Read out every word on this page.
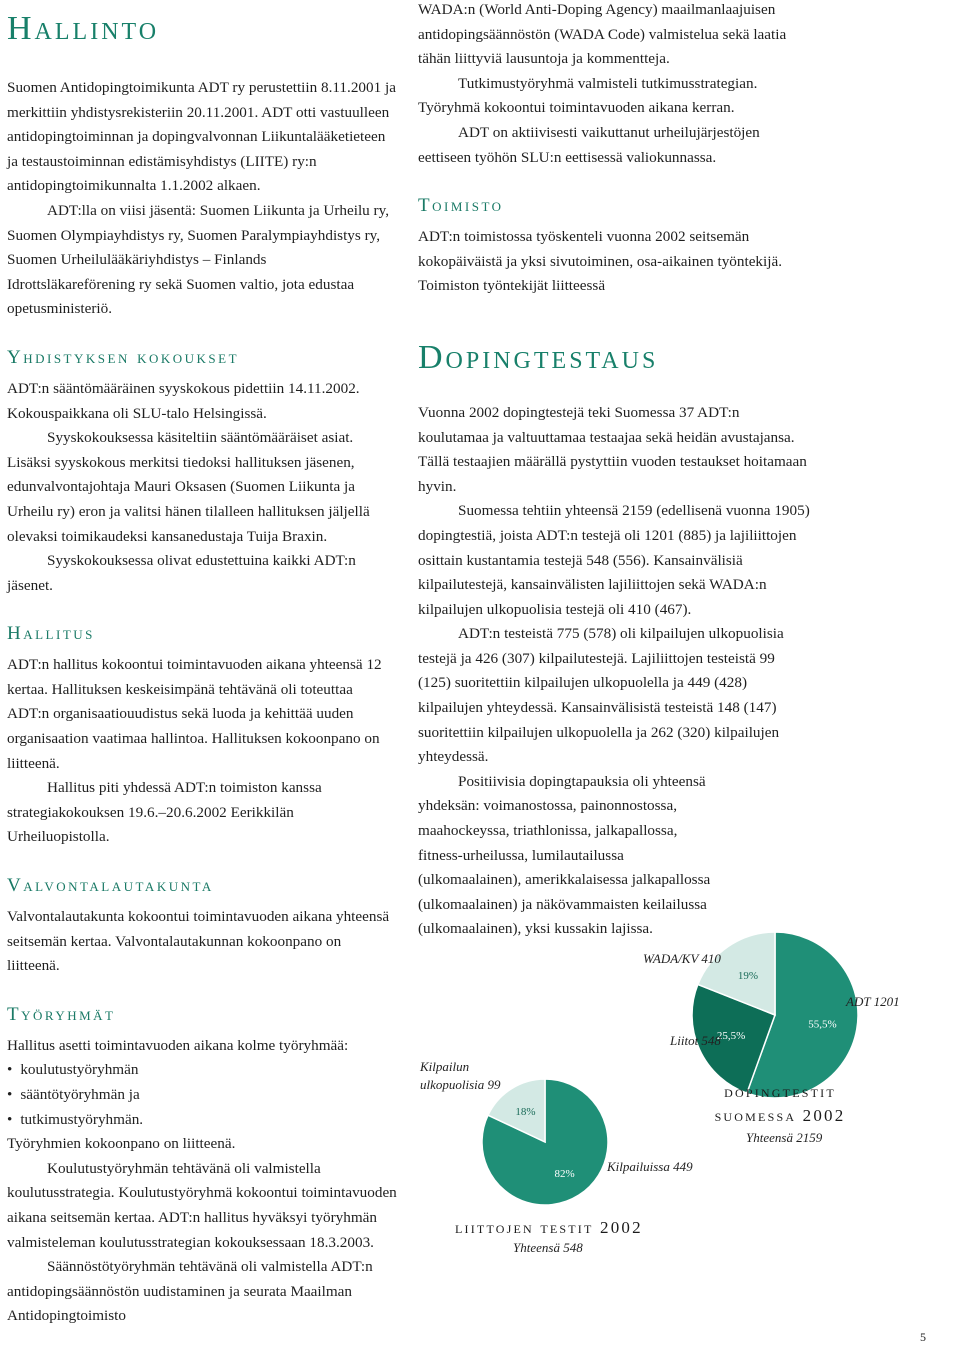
Hallinto

Suomen Antidopingtoimikunta ADT ry perustettiin 8.11.2001 ja merkittiin yhdistysrekisteriin 20.11.2001. ADT otti vastuulleen antidopingtoiminnan ja dopingvalvonnan Liikuntalääketieteen ja testaustoiminnan edistämisyhdistys (LIITE) ry:n antidopingtoimikunnalta 1.1.2002 alkaen.

ADT:lla on viisi jäsentä: Suomen Liikunta ja Urheilu ry, Suomen Olympiayhdistys ry, Suomen Paralympiayhdistys ry, Suomen Urheilulääkäriyhdistys – Finlands Idrottsläkareförening ry sekä Suomen valtio, jota edustaa opetusministeriö.

Yhdistyksen kokoukset

ADT:n sääntömääräinen syyskokous pidettiin 14.11.2002. Kokouspaikkana oli SLU-talo Helsingissä.

Syyskokouksessa käsiteltiin sääntömääräiset asiat. Lisäksi syyskokous merkitsi tiedoksi hallituksen jäsenen, edunvalvontajohtaja Mauri Oksasen (Suomen Liikunta ja Urheilu ry) eron ja valitsi hänen tilalleen hallituksen jäljellä olevaksi toimikaudeksi kansanedustaja Tuija Braxin.

Syyskokouksessa olivat edustettuina kaikki ADT:n jäsenet.

Hallitus

ADT:n hallitus kokoontui toimintavuoden aikana yhteensä 12 kertaa. Hallituksen keskeisimpänä tehtävänä oli toteuttaa ADT:n organisaatiouudistus sekä luoda ja kehittää uuden organisaation vaatimaa hallintoa. Hallituksen kokoonpano on liitteenä.

Hallitus piti yhdessä ADT:n toimiston kanssa strategiakokouksen 19.6.–20.6.2002 Eerikkilän Urheiluopistolla.

Valvontalautakunta

Valvontalautakunta kokoontui toimintavuoden aikana yhteensä seitsemän kertaa. Valvontalautakunnan kokoonpano on liitteenä.

Työryhmät

Hallitus asetti toimintavuoden aikana kolme työryhmää:

• koulutustyöryhmän
• sääntötyöryhmän ja
• tutkimustyöryhmän.

Työryhmien kokoonpano on liitteenä.

Koulutustyöryhmän tehtävänä oli valmistella koulutusstrategia. Koulutustyöryhmä kokoontui toimintavuoden aikana seitsemän kertaa. ADT:n hallitus hyväksyi työryhmän valmisteleman koulutusstrategian kokouksessaan 18.3.2003.

Säännöstötyöryhmän tehtävänä oli valmistella ADT:n antidopingsäännöstön uudistaminen ja seurata Maailman Antidopingtoimisto

WADA:n (World Anti-Doping Agency) maailmanlaajuisen antidopingsäännöstön (WADA Code) valmistelua sekä laatia tähän liittyviä lausuntoja ja kommentteja.

Tutkimustyöryhmä valmisteli tutkimusstrategian. Työryhmä kokoontui toimintavuoden aikana kerran.

ADT on aktiivisesti vaikuttanut urheilujärjestöjen eettiseen työhön SLU:n eettisessä valiokunnassa.

Toimisto

ADT:n toimistossa työskenteli vuonna 2002 seitsemän kokopäiväistä ja yksi sivutoiminen, osa-aikainen työntekijä. Toimiston työntekijät liitteessä

Dopingtestaus

Vuonna 2002 dopingtestejä teki Suomessa 37 ADT:n koulutamaa ja valtuuttamaa testaajaa sekä heidän avustajansa. Tällä testaajien määrällä pystyttiin vuoden testaukset hoitamaan hyvin.

Suomessa tehtiin yhteensä 2159 (edellisenä vuonna 1905) dopingtestiä, joista ADT:n testejä oli 1201 (885) ja lajiliittojen osittain kustantamia testejä 548 (556). Kansainvälisiä kilpailutestejä, kansainvälisten lajiliittojen sekä WADA:n kilpailujen ulkopuolisia testejä oli 410 (467).

ADT:n testeistä 775 (578) oli kilpailujen ulkopuolisia testejä ja 426 (307) kilpailutestejä. Lajiliittojen testeistä 99 (125) suoritettiin kilpailujen ulkopuolella ja 449 (428) kilpailujen yhteydessä. Kansainvälisistä testeistä 148 (147) suoritettiin kilpailujen ulkopuolella ja 262 (320) kilpailujen yhteydessä.

Positiivisia dopingtapauksia oli yhteensä yhdeksän: voimanostossa, painonnostossa, maahockeyssa, triathlonissa, jalkapallossa, fitness-urheilussa, lumilautailussa (ulkomaalainen), amerikkalaisessa jalkapallossa (ulkomaalainen) ja näkövammaisten keilailussa (ulkomaalainen), yksi kussakin lajissa.

55,5%
25,5%
19%
WADA/KV 410
ADT 1201
Liitot 548
dopingtestit suomessa 2002
Yhteensä 2159
82%
18%
Kilpailun ulkopuolisia 99
Kilpailuissa 449
liittojen testit 2002
Yhteensä 548
5
